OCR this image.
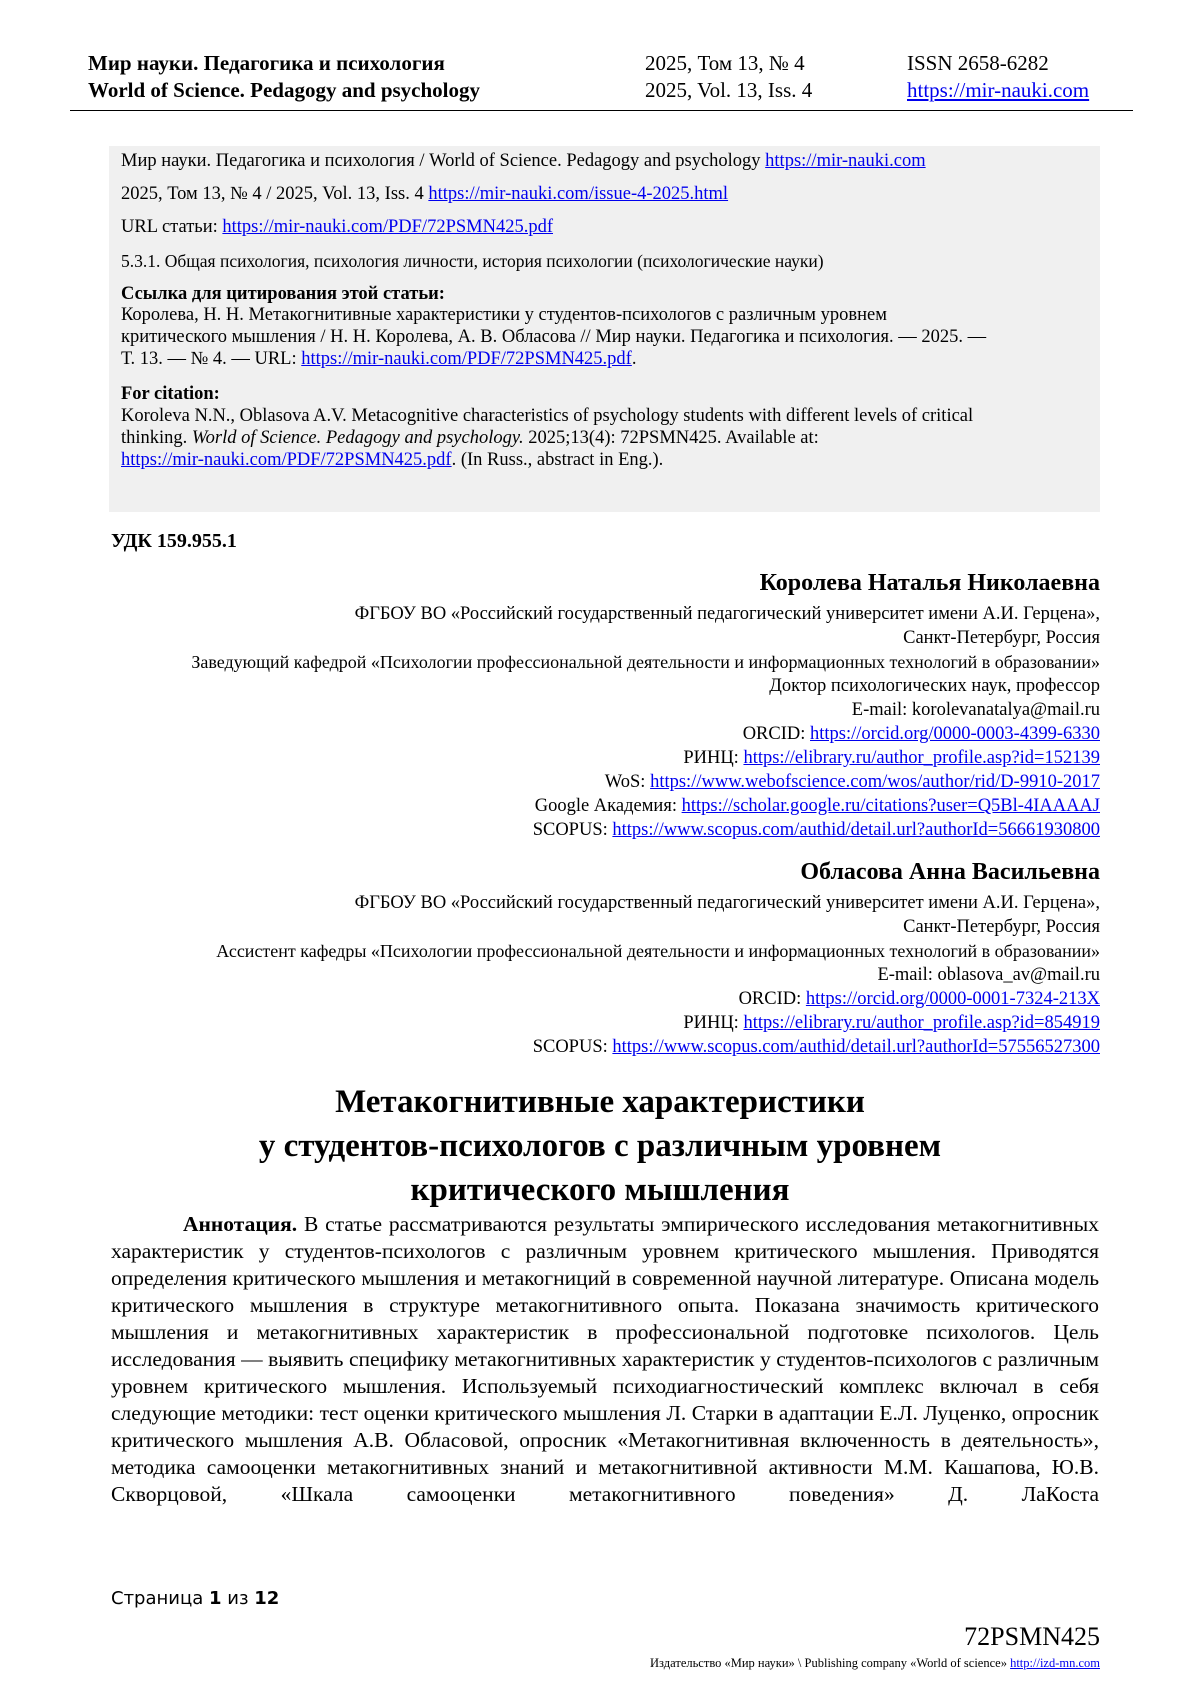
Мир науки. Педагогика и психология
World of Science. Pedagogy and psychology
2025, Том 13, № 4
2025, Vol. 13, Iss. 4
ISSN 2658-6282
https://mir-nauki.com
Мир науки. Педагогика и психология / World of Science. Pedagogy and psychology https://mir-nauki.com
2025, Том 13, № 4 / 2025, Vol. 13, Iss. 4 https://mir-nauki.com/issue-4-2025.html
URL статьи: https://mir-nauki.com/PDF/72PSMN425.pdf
5.3.1. Общая психология, психология личности, история психологии (психологические науки)
Ссылка для цитирования этой статьи:
Королева, Н. Н. Метакогнитивные характеристики у студентов-психологов с различным уровнем
критического мышления / Н. Н. Королева, А. В. Обласова // Мир науки. Педагогика и психология. — 2025. —
Т. 13. — № 4. — URL: https://mir-nauki.com/PDF/72PSMN425.pdf.
For citation:
Koroleva N.N., Oblasova A.V. Metacognitive characteristics of psychology students with different levels of critical
thinking. World of Science. Pedagogy and psychology. 2025;13(4): 72PSMN425. Available at:
https://mir-nauki.com/PDF/72PSMN425.pdf. (In Russ., abstract in Eng.).
УДК 159.955.1
Королева Наталья Николаевна
ФГБОУ ВО «Российский государственный педагогический университет имени А.И. Герцена»,
Санкт-Петербург, Россия
Заведующий кафедрой «Психологии профессиональной деятельности и информационных технологий в образовании»
Доктор психологических наук, профессор
E-mail: korolevanatalya@mail.ru
ORCID: https://orcid.org/0000-0003-4399-6330
РИНЦ: https://elibrary.ru/author_profile.asp?id=152139
WoS: https://www.webofscience.com/wos/author/rid/D-9910-2017
Google Академия: https://scholar.google.ru/citations?user=Q5Bl-4IAAAAJ
SCOPUS: https://www.scopus.com/authid/detail.url?authorId=56661930800
Обласова Анна Васильевна
ФГБОУ ВО «Российский государственный педагогический университет имени А.И. Герцена»,
Санкт-Петербург, Россия
Ассистент кафедры «Психологии профессиональной деятельности и информационных технологий в образовании»
E-mail: oblasova_av@mail.ru
ORCID: https://orcid.org/0000-0001-7324-213X
РИНЦ: https://elibrary.ru/author_profile.asp?id=854919
SCOPUS: https://www.scopus.com/authid/detail.url?authorId=57556527300
Метакогнитивные характеристики
у студентов-психологов с различным уровнем
критического мышления
Аннотация. В статье рассматриваются результаты эмпирического исследования метакогнитивных характеристик у студентов-психологов с различным уровнем критического мышления. Приводятся определения критического мышления и метакогниций в современной научной литературе. Описана модель критического мышления в структуре метакогнитивного опыта. Показана значимость критического мышления и метакогнитивных характеристик в профессиональной подготовке психологов. Цель исследования — выявить специфику метакогнитивных характеристик у студентов-психологов с различным уровнем критического мышления. Используемый психодиагностический комплекс включал в себя следующие методики: тест оценки критического мышления Л. Старки в адаптации Е.Л. Луценко, опросник критического мышления А.В. Обласовой, опросник «Метакогнитивная включенность в деятельность», методика самооценки метакогнитивных знаний и метакогнитивной активности М.М. Кашапова, Ю.В. Скворцовой, «Шкала самооценки метакогнитивного поведения» Д. ЛаКоста
Страница 1 из 12
72PSMN425
Издательство «Мир науки» \ Publishing company «World of science» http://izd-mn.com
